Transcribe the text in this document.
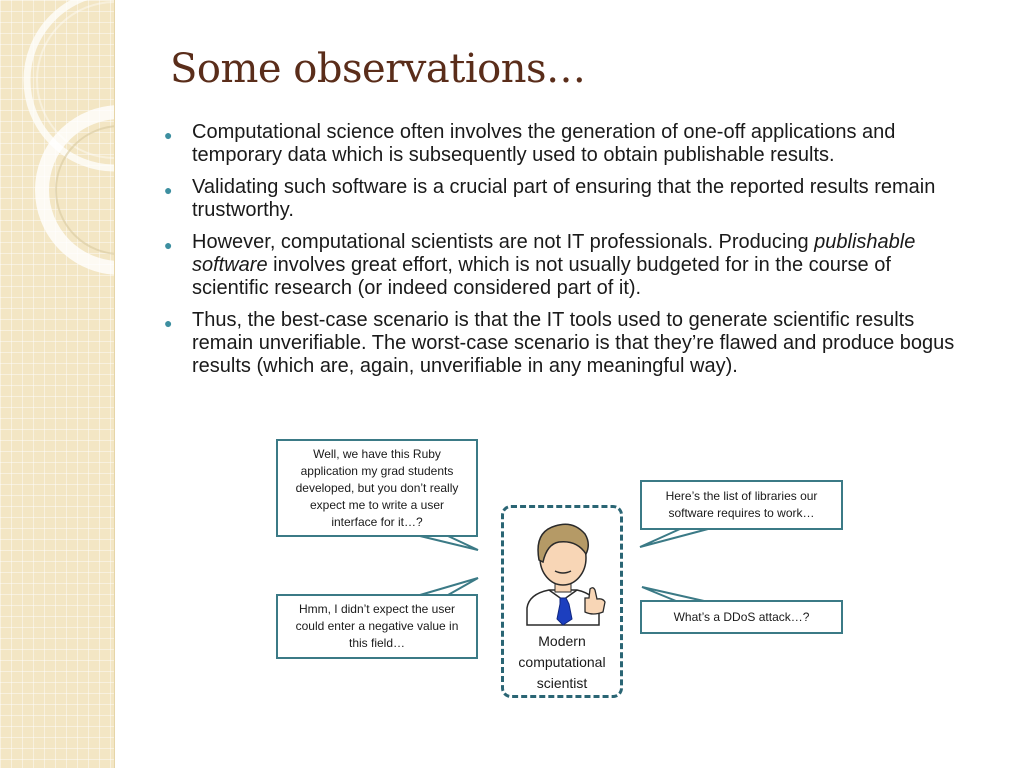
Some observations…
● Computational science often involves the generation of one-off applications and temporary data which is subsequently used to obtain publishable results.
● Validating such software is a crucial part of ensuring that the reported results remain trustworthy.
● However, computational scientists are not IT professionals. Producing publishable software involves great effort, which is not usually budgeted for in the course of scientific research (or indeed considered part of it).
● Thus, the best-case scenario is that the IT tools used to generate scientific results remain unverifiable. The worst-case scenario is that they’re flawed and produce bogus results (which are, again, unverifiable in any meaningful way).
Well, we have this Ruby application my grad students developed, but you don’t really expect me to write a user interface for it…?
Hmm, I didn’t expect the user could enter a negative value in this field…
Here’s the list of libraries our software requires to work…
What’s a DDoS attack…?
Modern computational scientist
